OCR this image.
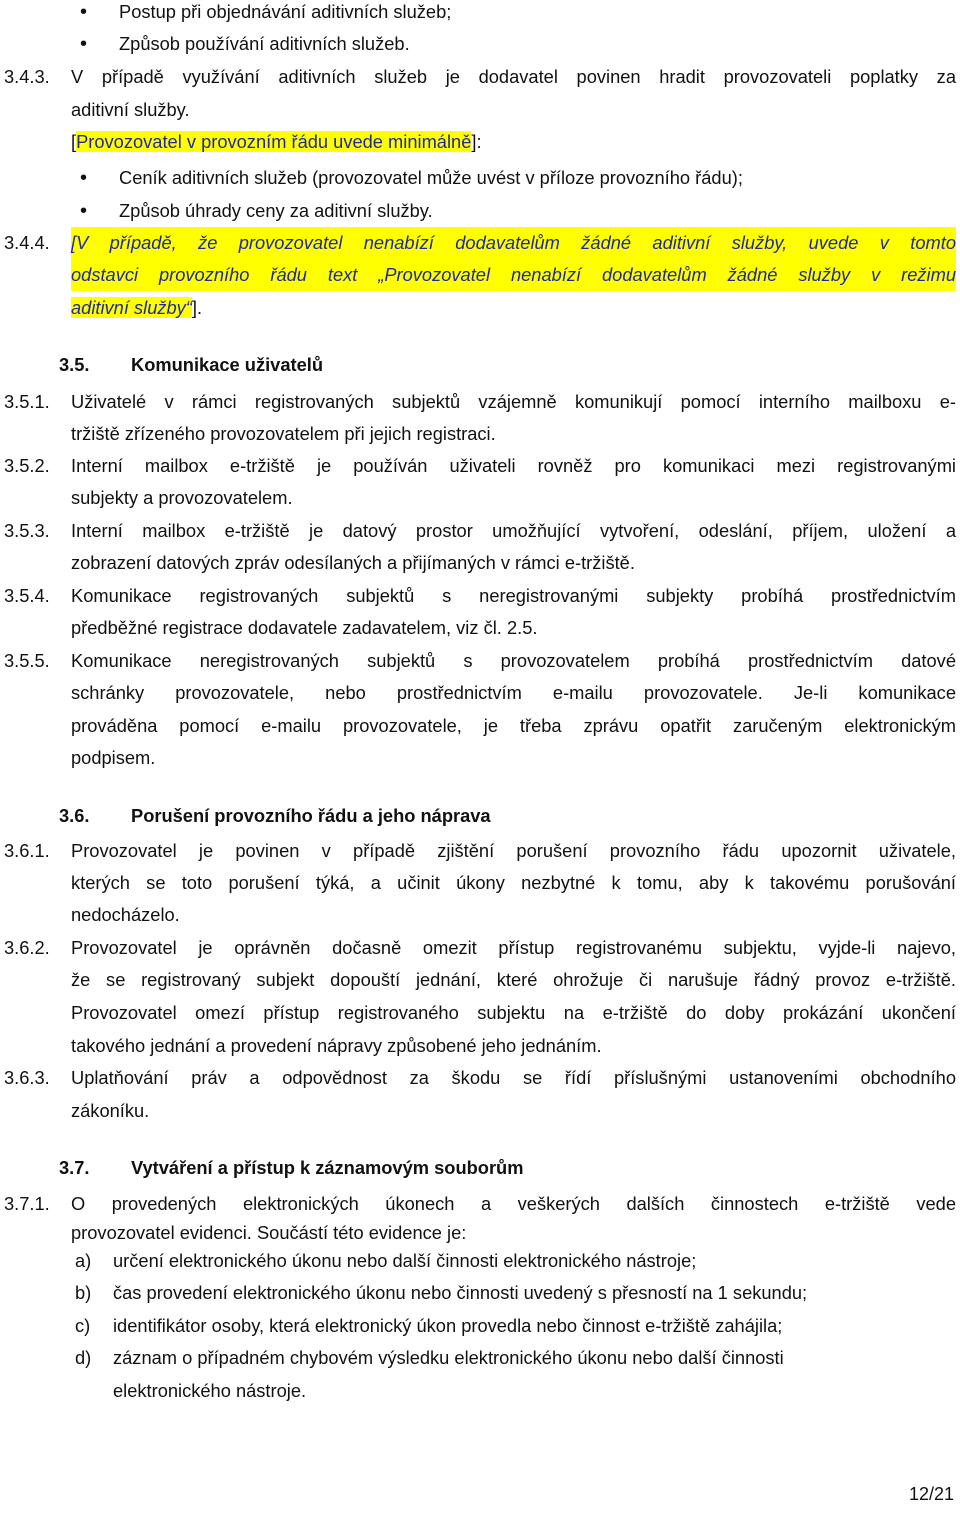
• Postup při objednávání aditivních služeb;
• Způsob používání aditivních služeb.
3.4.3. V případě využívání aditivních služeb je dodavatel povinen hradit provozovateli poplatky za
aditivní služby.
[Provozovatel v provozním řádu uvede minimálně]:
• Ceník aditivních služeb (provozovatel může uvést v příloze provozního řádu);
• Způsob úhrady ceny za aditivní služby.
3.4.4. [V případě, že provozovatel nenabízí dodavatelům žádné aditivní služby, uvede v tomto
odstavci provozního řádu text „Provozovatel nenabízí dodavatelům žádné služby v režimu
aditivní služby“].
3.5. Komunikace uživatelů
3.5.1. Uživatelé v rámci registrovaných subjektů vzájemně komunikují pomocí interního mailboxu e-
tržiště zřízeného provozovatelem při jejich registraci.
3.5.2. Interní mailbox e-tržiště je používán uživateli rovněž pro komunikaci mezi registrovanými
subjekty a provozovatelem.
3.5.3. Interní mailbox e-tržiště je datový prostor umožňující vytvoření, odeslání, příjem, uložení a
zobrazení datových zpráv odesílaných a přijímaných v rámci e-tržiště.
3.5.4. Komunikace registrovaných subjektů s neregistrovanými subjekty probíhá prostřednictvím
předběžné registrace dodavatele zadavatelem, viz čl. 2.5.
3.5.5. Komunikace neregistrovaných subjektů s provozovatelem probíhá prostřednictvím datové
schránky provozovatele, nebo prostřednictvím e-mailu provozovatele. Je-li komunikace
prováděna pomocí e-mailu provozovatele, je třeba zprávu opatřit zaručeným elektronickým
podpisem.
3.6. Porušení provozního řádu a jeho náprava
3.6.1. Provozovatel je povinen v případě zjištění porušení provozního řádu upozornit uživatele,
kterých se toto porušení týká, a učinit úkony nezbytné k tomu, aby k takovému porušování
nedocházelo.
3.6.2. Provozovatel je oprávněn dočasně omezit přístup registrovanému subjektu, vyjde-li najevo,
že se registrovaný subjekt dopouští jednání, které ohrožuje či narušuje řádný provoz e-tržiště.
Provozovatel omezí přístup registrovaného subjektu na e-tržiště do doby prokázání ukončení
takového jednání a provedení nápravy způsobené jeho jednáním.
3.6.3. Uplatňování práv a odpovědnost za škodu se řídí příslušnými ustanoveními obchodního
zákoníku.
3.7. Vytváření a přístup k záznamovým souborům
3.7.1. O provedených elektronických úkonech a veškerých dalších činnostech e-tržiště vede
provozovatel evidenci. Součástí této evidence je:
a) určení elektronického úkonu nebo další činnosti elektronického nástroje;
b) čas provedení elektronického úkonu nebo činnosti uvedený s přesností na 1 sekundu;
c) identifikátor osoby, která elektronický úkon provedla nebo činnost e-tržiště zahájila;
d) záznam o případném chybovém výsledku elektronického úkonu nebo další činnosti
elektronického nástroje.
12/21
